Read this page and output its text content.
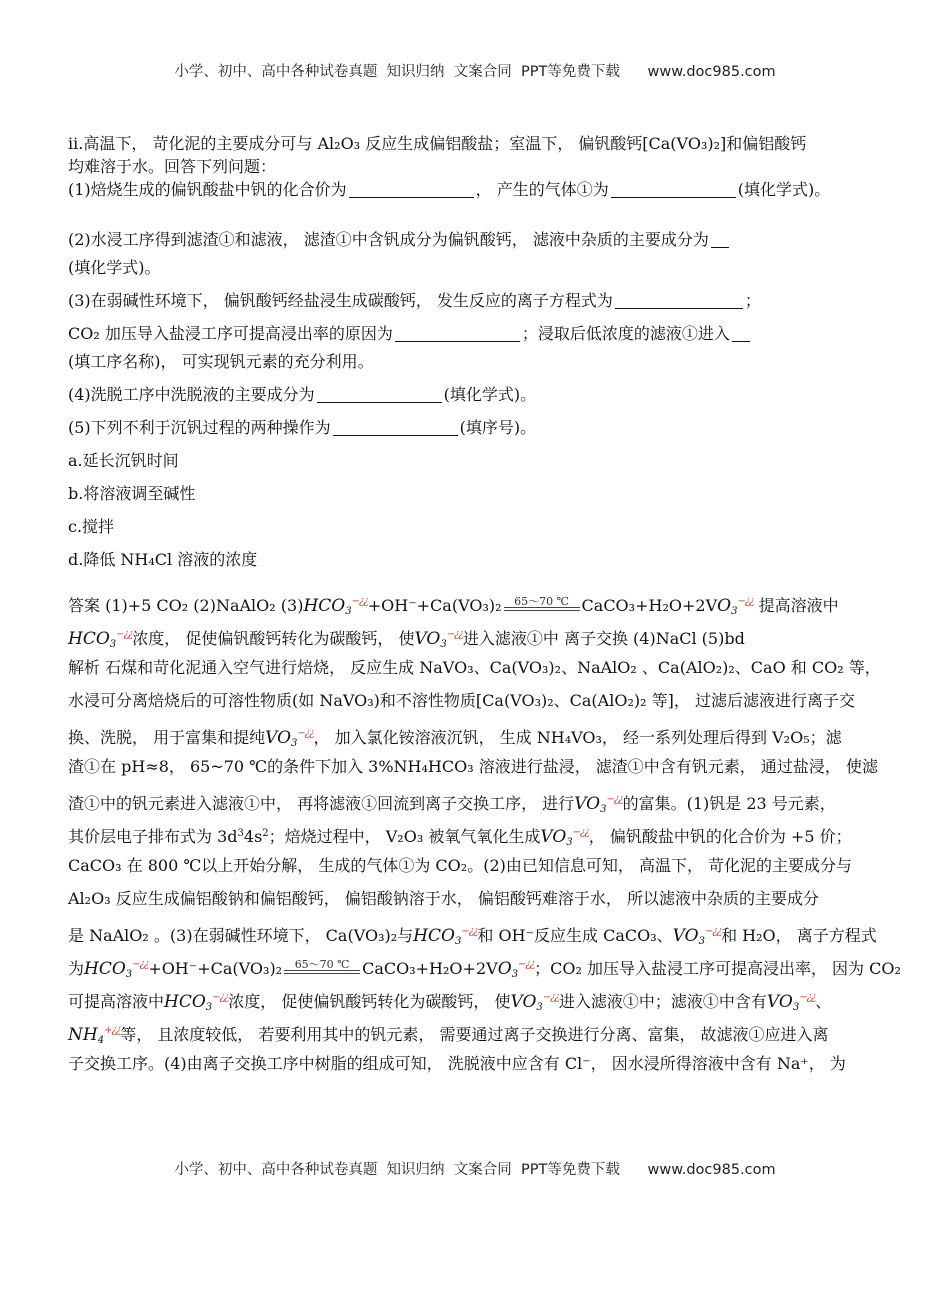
小学、初中、高中各种试卷真题  知识归纳  文案合同  PPT等免费下载      www.doc985.com
ii.高温下， 苛化泥的主要成分可与 Al₂O₃ 反应生成偏铝酸盐；室温下， 偏钒酸钙[Ca(VO₃)₂]和偏铝酸钙
均难溶于水。回答下列问题：
(1)焙烧生成的偏钒酸盐中钒的化合价为	， 产生的气体①为	(填化学式)。
(2)水浸工序得到滤渣①和滤液， 滤渣①中含钒成分为偏钒酸钙， 滤液中杂质的主要成分为
(填化学式)。
(3)在弱碱性环境下， 偏钒酸钙经盐浸生成碳酸钙， 发生反应的离子方程式为	；
CO₂ 加压导入盐浸工序可提高浸出率的原因为	；浸取后低浓度的滤液①进入
(填工序名称)， 可实现钒元素的充分利用。
(4)洗脱工序中洗脱液的主要成分为	(填化学式)。
(5)下列不利于沉钒过程的两种操作为	(填序号)。
a.延长沉钒时间
b.将溶液调至碱性
c.搅拌
d.降低 NH₄Cl 溶液的浓度
答案 (1)+5 CO₂ (2)NaAlO₂ $(3)HCO_3^{-¿¿}+OH^-+Ca(VO_3)_2$	65～70 ℃ $CaCO_3+H_2O+2VO_3^{-¿¿}$ 提高溶液中
$HCO_3^{-¿¿}$浓度， 促使偏钒酸钙转化为碳酸钙， 使$VO_3^{-¿¿}$进入滤液①中 离子交换 (4)NaCl (5)bd
解析 石煤和苛化泥通入空气进行焙烧， 反应生成 NaVO₃、Ca(VO₃)₂、NaAlO₂ 、Ca(AlO₂)₂、CaO 和 CO₂ 等，
水浸可分离焙烧后的可溶性物质(如 NaVO₃)和不溶性物质[Ca(VO₃)₂、Ca(AlO₂)₂ 等]， 过滤后滤液进行离子交
换、洗脱， 用于富集和提纯$VO_3^{-¿¿}$， 加入氯化铵溶液沉钒， 生成 NH₄VO₃， 经一系列处理后得到 V₂O₅；滤
渣①在 pH≈8， 65~70 ℃的条件下加入 3%NH₄HCO₃ 溶液进行盐浸， 滤渣①中含有钒元素， 通过盐浸， 使滤
渣①中的钒元素进入滤液①中， 再将滤液①回流到离子交换工序， 进行$VO_3^{-¿¿}$的富集。(1)钒是 23 号元素，
其价层电子排布式为 $3d^34s^2$；焙烧过程中， V₂O₃ 被氧气氧化生成$VO_3^{-¿¿}$， 偏钒酸盐中钒的化合价为 +5 价；
CaCO₃ 在 800 ℃以上开始分解， 生成的气体①为 CO₂。(2)由已知信息可知， 高温下， 苛化泥的主要成分与
Al₂O₃ 反应生成偏铝酸钠和偏铝酸钙， 偏铝酸钠溶于水， 偏铝酸钙难溶于水， 所以滤液中杂质的主要成分
是 NaAlO₂ 。(3)在弱碱性环境下， Ca(VO₃)₂与$HCO_3^{-¿¿}$和 OH⁻反应生成 CaCO₃、$VO_3^{-¿¿}$和 H₂O， 离子方程式
为$HCO_3^{-¿¿}+OH^-+Ca(VO_3)_2$	65～70 ℃ $CaCO_3+H_2O+2VO_3^{-¿¿}$；CO₂ 加压导入盐浸工序可提高浸出率， 因为 CO₂
可提高溶液中$HCO_3^{-¿¿}$浓度， 促使偏钒酸钙转化为碳酸钙， 使$VO_3^{-¿¿}$进入滤液①中；滤液①中含有$VO_3^{-¿¿}$、
$NH_4^{+¿¿}$等， 且浓度较低， 若要利用其中的钒元素， 需要通过离子交换进行分离、富集， 故滤液①应进入离
子交换工序。(4)由离子交换工序中树脂的组成可知， 洗脱液中应含有 Cl⁻， 因水浸所得溶液中含有 Na⁺， 为
小学、初中、高中各种试卷真题  知识归纳  文案合同  PPT等免费下载      www.doc985.com
